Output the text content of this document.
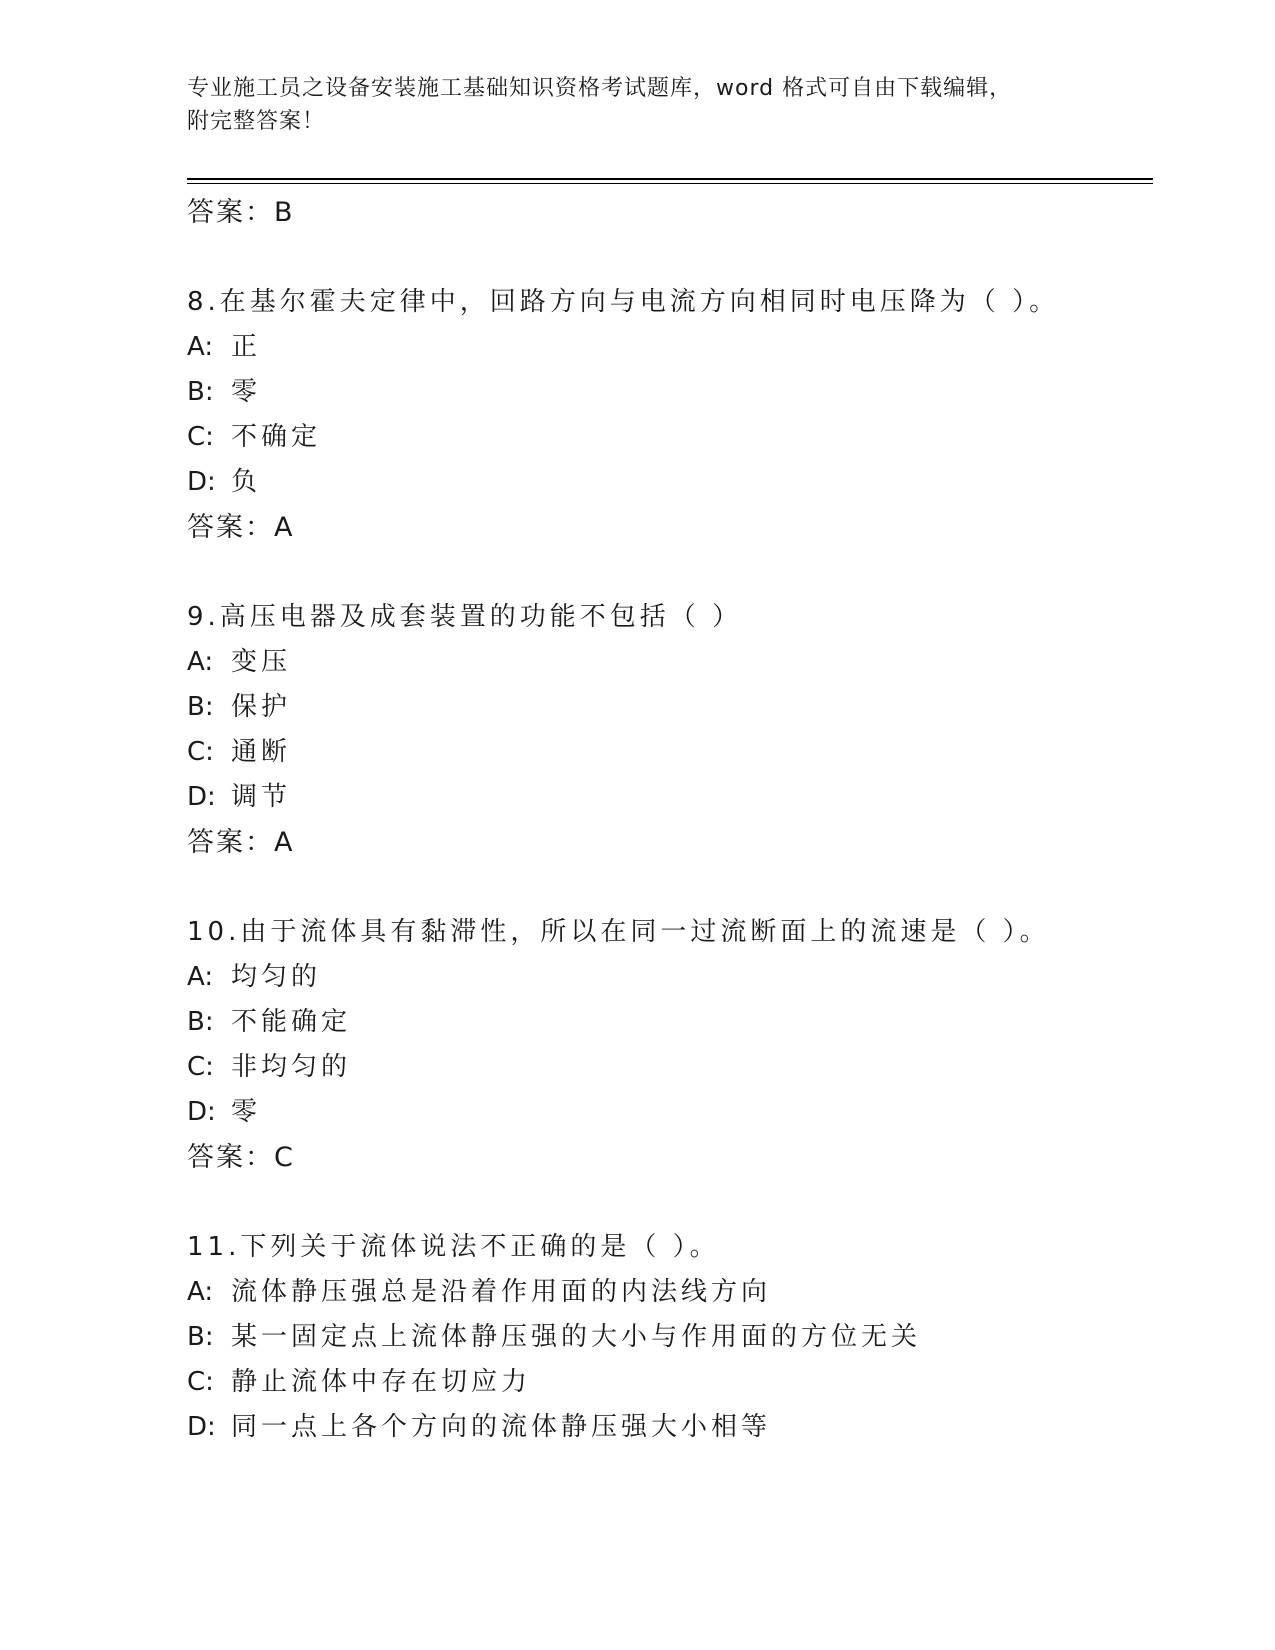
专业施工员之设备安装施工基础知识资格考试题库，word 格式可自由下载编辑，
附完整答案！
答案：B
8.在基尔霍夫定律中，回路方向与电流方向相同时电压降为（ ）。
A: 正
B: 零
C: 不确定
D: 负
答案：A
9.高压电器及成套装置的功能不包括（ ）
A: 变压
B: 保护
C: 通断
D: 调节
答案：A
10.由于流体具有黏滞性，所以在同一过流断面上的流速是（ ）。
A: 均匀的
B: 不能确定
C: 非均匀的
D: 零
答案：C
11.下列关于流体说法不正确的是（ ）。
A: 流体静压强总是沿着作用面的内法线方向
B: 某一固定点上流体静压强的大小与作用面的方位无关
C: 静止流体中存在切应力
D: 同一点上各个方向的流体静压强大小相等
